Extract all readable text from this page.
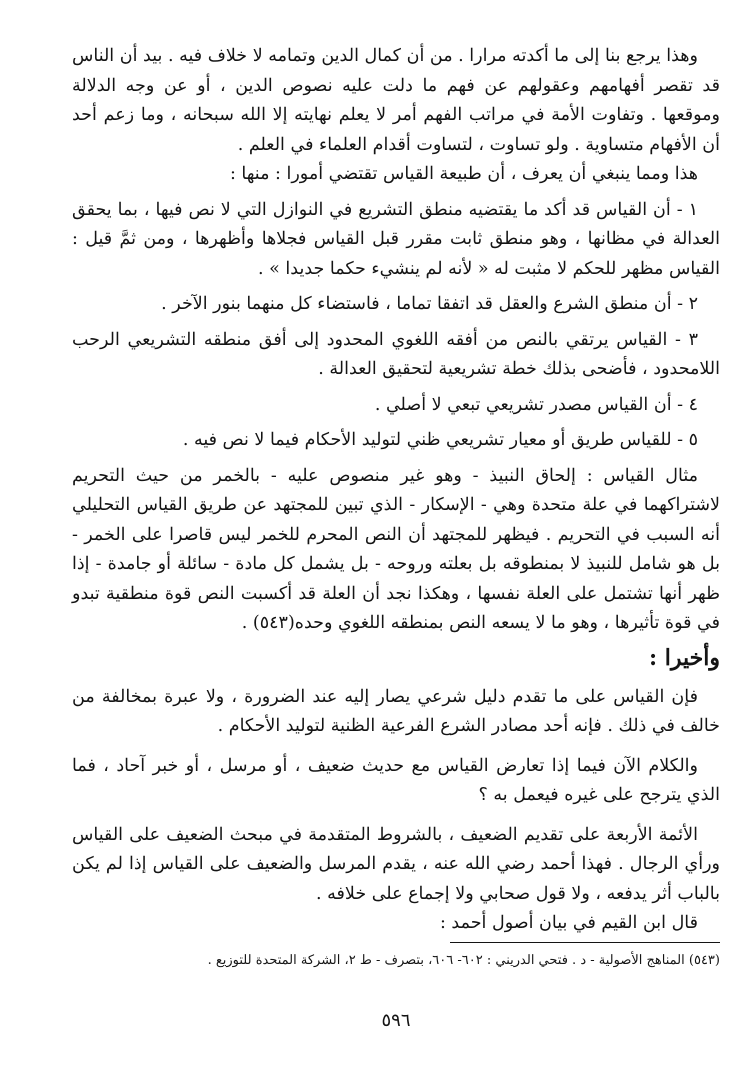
وهذا يرجع بنا إلى ما أكدته مرارا . من أن كمال الدين وتمامه لا خلاف فيه . بيد أن الناس قد تقصر أفهامهم وعقولهم عن فهم ما دلت عليه نصوص الدين ، أو عن وجه الدلالة وموقعها . وتفاوت الأمة في مراتب الفهم أمر لا يعلم نهايته إلا الله سبحانه ، وما زعم أحد أن الأفهام متساوية . ولو تساوت ، لتساوت أقدام العلماء في العلم .

هذا ومما ينبغي أن يعرف ، أن طبيعة القياس تقتضي أمورا : منها :

١ - أن القياس قد أكد ما يقتضيه منطق التشريع في النوازل التي لا نص فيها ، بما يحقق العدالة في مظانها ، وهو منطق ثابت مقرر قبل القياس فجلاها وأظهرها ، ومن ثمَّ قيل : القياس مظهر للحكم لا مثبت له « لأنه لم ينشيء حكما جديدا » .

٢ - أن منطق الشرع والعقل قد اتفقا تماما ، فاستضاء كل منهما بنور الآخر .

٣ - القياس يرتقي بالنص من أفقه اللغوي المحدود إلى أفق منطقه التشريعي الرحب اللامحدود ، فأضحى بذلك خطة تشريعية لتحقيق العدالة .

٤ - أن القياس مصدر تشريعي تبعي لا أصلي .

٥ - للقياس طريق أو معيار تشريعي ظني لتوليد الأحكام فيما لا نص فيه .

مثال القياس : إلحاق النبيذ - وهو غير منصوص عليه - بالخمر من حيث التحريم لاشتراكهما في علة متحدة وهي - الإسكار - الذي تبين للمجتهد عن طريق القياس التحليلي أنه السبب في التحريم . فيظهر للمجتهد أن النص المحرم للخمر ليس قاصرا على الخمر - بل هو شامل للنبيذ لا بمنطوقه بل بعلته وروحه - بل يشمل كل مادة - سائلة أو جامدة - إذا ظهر أنها تشتمل على العلة نفسها ، وهكذا نجد أن العلة قد أكسبت النص قوة منطقية تبدو في قوة تأثيرها ، وهو ما لا يسعه النص بمنطقه اللغوي وحده(٥٤٣) .

وأخيرا :

فإن القياس على ما تقدم دليل شرعي يصار إليه عند الضرورة ، ولا عبرة بمخالفة من خالف في ذلك . فإنه أحد مصادر الشرع الفرعية الظنية لتوليد الأحكام .

والكلام الآن فيما إذا تعارض القياس مع حديث ضعيف ، أو مرسل ، أو خبر آحاد ، فما الذي يترجح على غيره فيعمل به ؟

الأئمة الأربعة على تقديم الضعيف ، بالشروط المتقدمة في مبحث الضعيف على القياس ورأي الرجال . فهذا أحمد رضي الله عنه ، يقدم المرسل والضعيف على القياس إذا لم يكن بالباب أثر يدفعه ، ولا قول صحابي ولا إجماع على خلافه .

قال ابن القيم في بيان أصول أحمد :

(٥٤٣) المناهج الأصولية - د . فتحي الدريني : ٦٠٢- ٦٠٦، بتصرف - ط ٢، الشركة المتحدة للتوزيع .

٥٩٦
